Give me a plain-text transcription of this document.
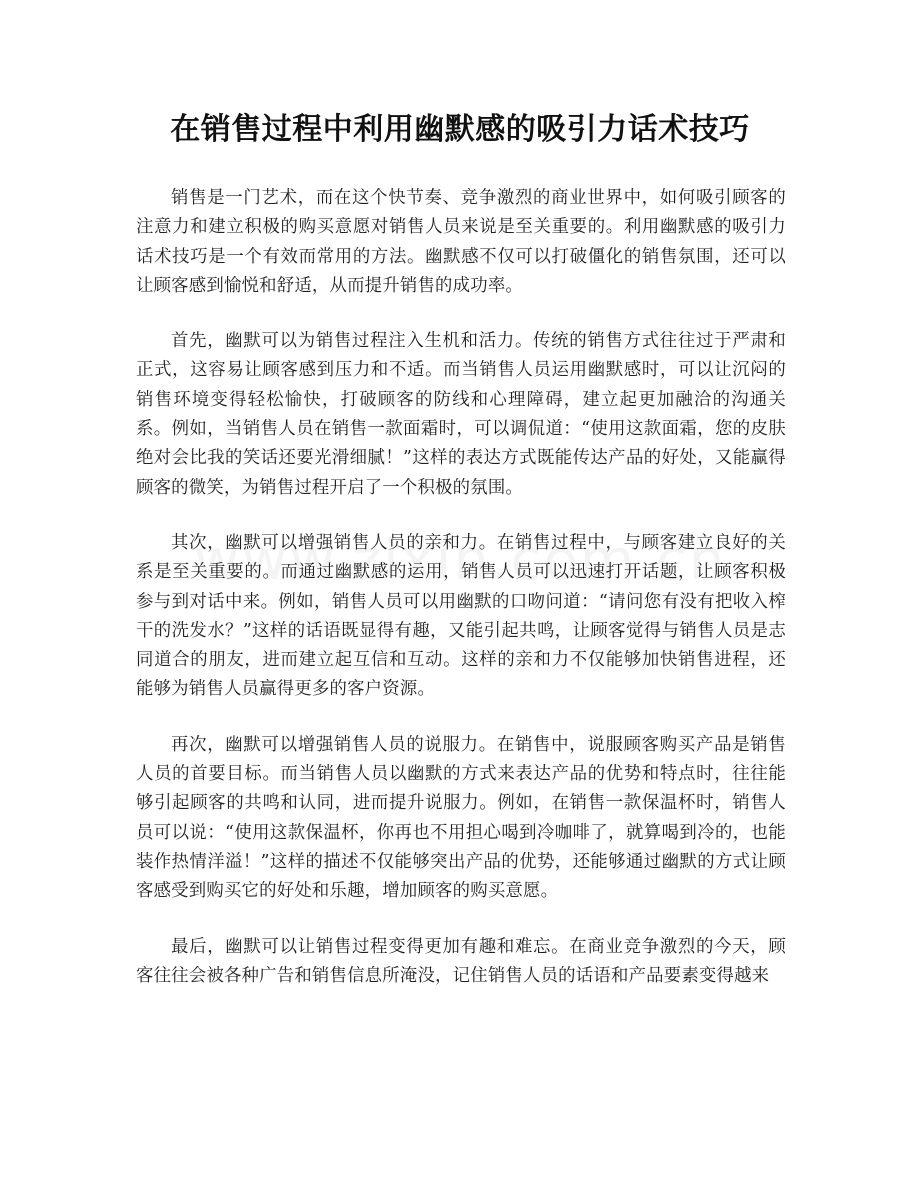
在销售过程中利用幽默感的吸引力话术技巧

销售是一门艺术，而在这个快节奏、竞争激烈的商业世界中，如何吸引顾客的注意力和建立积极的购买意愿对销售人员来说是至关重要的。利用幽默感的吸引力话术技巧是一个有效而常用的方法。幽默感不仅可以打破僵化的销售氛围，还可以让顾客感到愉悦和舒适，从而提升销售的成功率。

首先，幽默可以为销售过程注入生机和活力。传统的销售方式往往过于严肃和正式，这容易让顾客感到压力和不适。而当销售人员运用幽默感时，可以让沉闷的销售环境变得轻松愉快，打破顾客的防线和心理障碍，建立起更加融洽的沟通关系。例如，当销售人员在销售一款面霜时，可以调侃道：“使用这款面霜，您的皮肤绝对会比我的笑话还要光滑细腻！”这样的表达方式既能传达产品的好处，又能赢得顾客的微笑，为销售过程开启了一个积极的氛围。

其次，幽默可以增强销售人员的亲和力。在销售过程中，与顾客建立良好的关系是至关重要的。而通过幽默感的运用，销售人员可以迅速打开话题，让顾客积极参与到对话中来。例如，销售人员可以用幽默的口吻问道：“请问您有没有把收入榨干的洗发水？”这样的话语既显得有趣，又能引起共鸣，让顾客觉得与销售人员是志同道合的朋友，进而建立起互信和互动。这样的亲和力不仅能够加快销售进程，还能够为销售人员赢得更多的客户资源。

再次，幽默可以增强销售人员的说服力。在销售中，说服顾客购买产品是销售人员的首要目标。而当销售人员以幽默的方式来表达产品的优势和特点时，往往能够引起顾客的共鸣和认同，进而提升说服力。例如，在销售一款保温杯时，销售人员可以说：“使用这款保温杯，你再也不用担心喝到冷咖啡了，就算喝到冷的，也能装作热情洋溢！”这样的描述不仅能够突出产品的优势，还能够通过幽默的方式让顾客感受到购买它的好处和乐趣，增加顾客的购买意愿。

最后，幽默可以让销售过程变得更加有趣和难忘。在商业竞争激烈的今天，顾客往往会被各种广告和销售信息所淹没，记住销售人员的话语和产品要素变得越来
